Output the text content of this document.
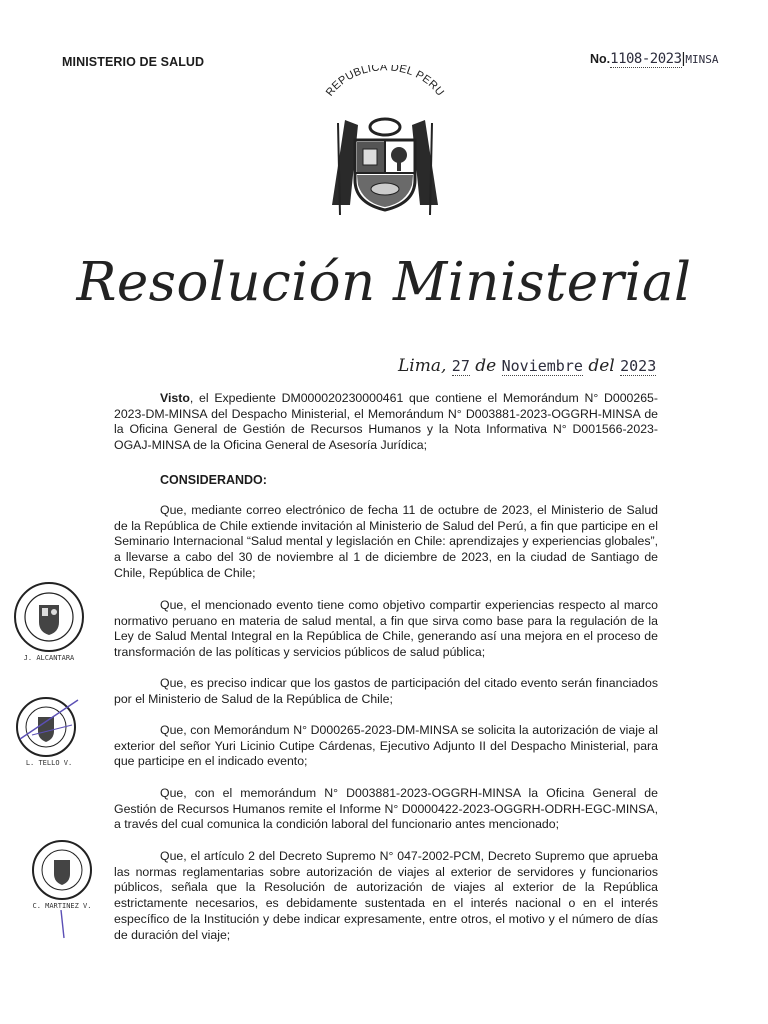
MINISTERIO DE SALUD	No.1108-2023|MINSA
REPUBLICA DEL PERU
Resolución Ministerial
Lima, 27 de Noviembre del 2023
Visto, el Expediente DM000020230000461 que contiene el Memorándum N° D000265-2023-DM-MINSA del Despacho Ministerial, el Memorándum N° D003881-2023-OGGRH-MINSA de la Oficina General de Gestión de Recursos Humanos y la Nota Informativa N° D001566-2023-OGAJ-MINSA de la Oficina General de Asesoría Jurídica;
CONSIDERANDO:
Que, mediante correo electrónico de fecha 11 de octubre de 2023, el Ministerio de Salud de la República de Chile extiende invitación al Ministerio de Salud del Perú, a fin que participe en el Seminario Internacional “Salud mental y legislación en Chile: aprendizajes y experiencias globales”, a llevarse a cabo del 30 de noviembre al 1 de diciembre de 2023, en la ciudad de Santiago de Chile, República de Chile;
Que, el mencionado evento tiene como objetivo compartir experiencias respecto al marco normativo peruano en materia de salud mental, a fin que sirva como base para la regulación de la Ley de Salud Mental Integral en la República de Chile, generando así una mejora en el proceso de transformación de las políticas y servicios públicos de salud pública;
Que, es preciso indicar que los gastos de participación del citado evento serán financiados por el Ministerio de Salud de la República de Chile;
Que, con Memorándum N° D000265-2023-DM-MINSA se solicita la autorización de viaje al exterior del señor Yuri Licinio Cutipe Cárdenas, Ejecutivo Adjunto II del Despacho Ministerial, para que participe en el indicado evento;
Que, con el memorándum N° D003881-2023-OGGRH-MINSA la Oficina General de Gestión de Recursos Humanos remite el Informe N° D0000422-2023-OGGRH-ODRH-EGC-MINSA, a través del cual comunica la condición laboral del funcionario antes mencionado;
Que, el artículo 2 del Decreto Supremo N° 047-2002-PCM, Decreto Supremo que aprueba las normas reglamentarias sobre autorización de viajes al exterior de servidores y funcionarios públicos, señala que la Resolución de autorización de viajes al exterior de la República estrictamente necesarios, es debidamente sustentada en el interés nacional o en el interés específico de la Institución y debe indicar expresamente, entre otros, el motivo y el número de días de duración del viaje;
J. ALCANTARA
L. TELLO V.
C. MARTINEZ V.
